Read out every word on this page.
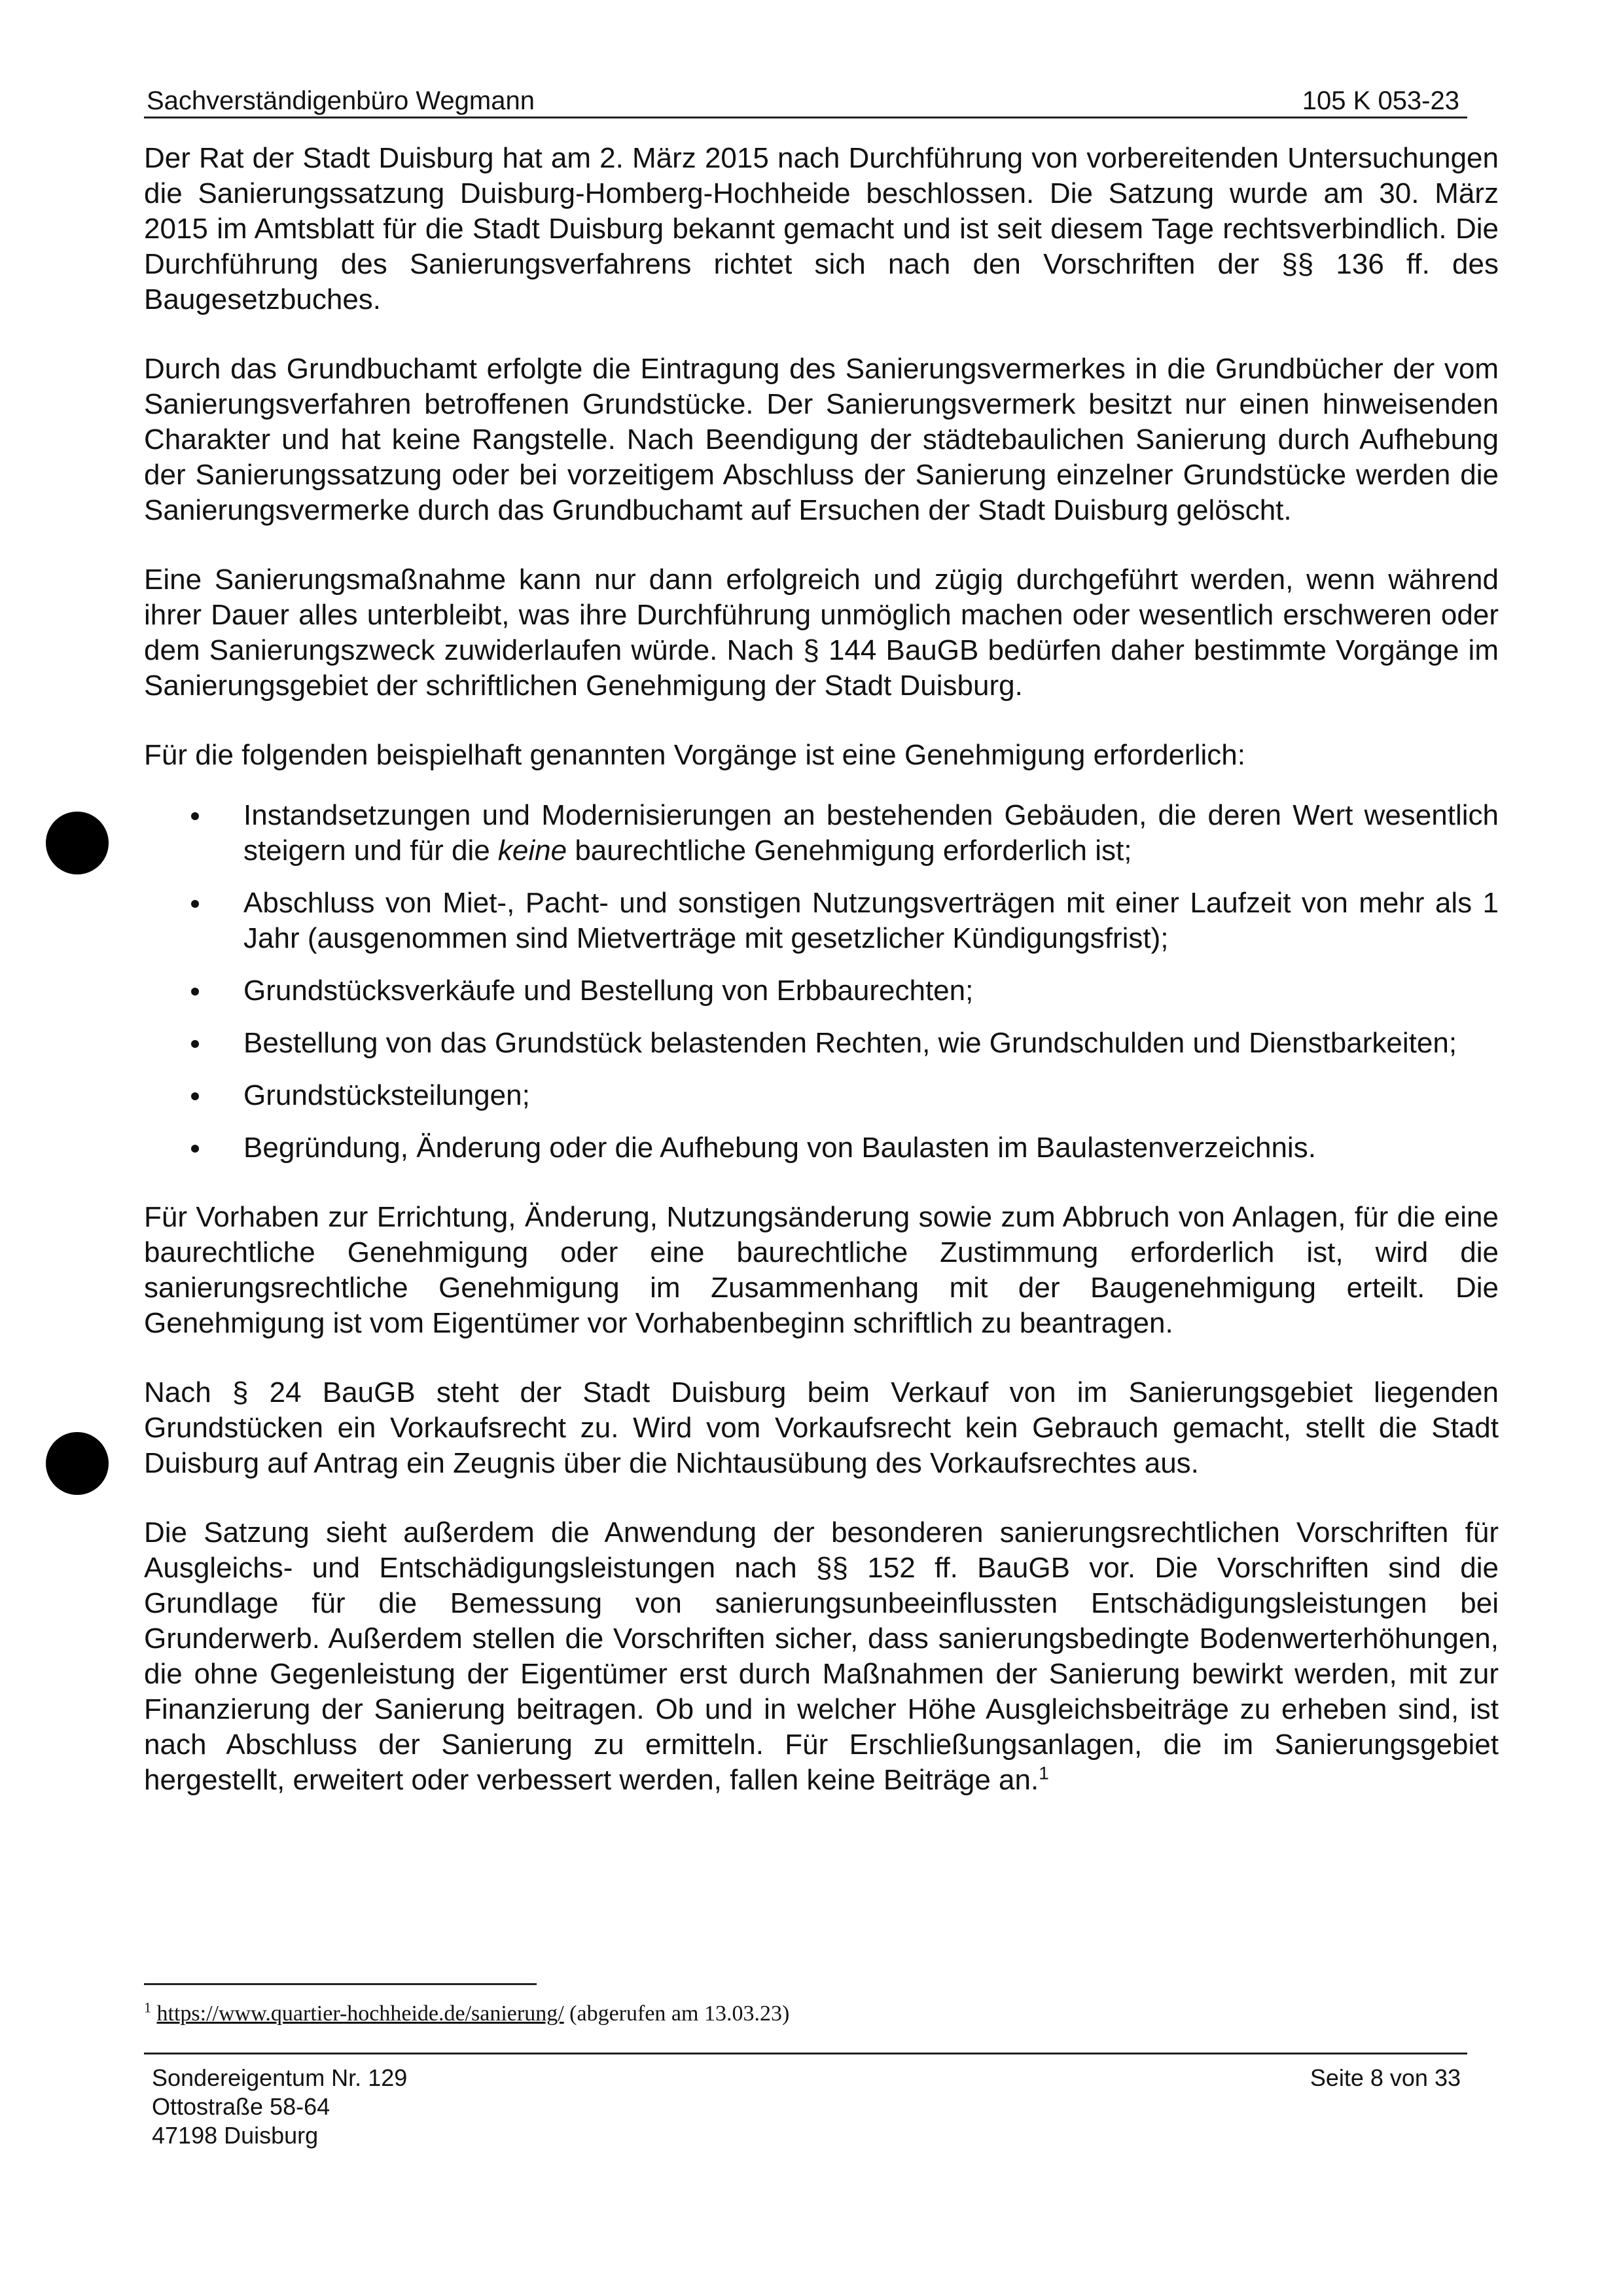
Sachverständigenbüro Wegmann	105 K 053-23

Der Rat der Stadt Duisburg hat am 2. März 2015 nach Durchführung von vorbereitenden Untersuchungen die Sanierungssatzung Duisburg-Homberg-Hochheide beschlossen. Die Satzung wurde am 30. März 2015 im Amtsblatt für die Stadt Duisburg bekannt gemacht und ist seit diesem Tage rechtsverbindlich. Die Durchführung des Sanierungsverfahrens richtet sich nach den Vorschriften der §§ 136 ff. des Baugesetzbuches.

Durch das Grundbuchamt erfolgte die Eintragung des Sanierungsvermerkes in die Grundbücher der vom Sanierungsverfahren betroffenen Grundstücke. Der Sanierungsvermerk besitzt nur einen hinweisenden Charakter und hat keine Rangstelle. Nach Beendigung der städtebaulichen Sanierung durch Aufhebung der Sanierungssatzung oder bei vorzeitigem Abschluss der Sanierung einzelner Grundstücke werden die Sanierungsvermerke durch das Grundbuchamt auf Ersuchen der Stadt Duisburg gelöscht.

Eine Sanierungsmaßnahme kann nur dann erfolgreich und zügig durchgeführt werden, wenn während ihrer Dauer alles unterbleibt, was ihre Durchführung unmöglich machen oder wesentlich erschweren oder dem Sanierungszweck zuwiderlaufen würde. Nach § 144 BauGB bedürfen daher bestimmte Vorgänge im Sanierungsgebiet der schriftlichen Genehmigung der Stadt Duisburg.

Für die folgenden beispielhaft genannten Vorgänge ist eine Genehmigung erforderlich:

Instandsetzungen und Modernisierungen an bestehenden Gebäuden, die deren Wert wesentlich steigern und für die keine baurechtliche Genehmigung erforderlich ist;
Abschluss von Miet-, Pacht- und sonstigen Nutzungsverträgen mit einer Laufzeit von mehr als 1 Jahr (ausgenommen sind Mietverträge mit gesetzlicher Kündigungsfrist);
Grundstücksverkäufe und Bestellung von Erbbaurechten;
Bestellung von das Grundstück belastenden Rechten, wie Grundschulden und Dienstbarkeiten;
Grundstücksteilungen;
Begründung, Änderung oder die Aufhebung von Baulasten im Baulastenverzeichnis.

Für Vorhaben zur Errichtung, Änderung, Nutzungsänderung sowie zum Abbruch von Anlagen, für die eine baurechtliche Genehmigung oder eine baurechtliche Zustimmung erforderlich ist, wird die sanierungsrechtliche Genehmigung im Zusammenhang mit der Baugenehmigung erteilt. Die Genehmigung ist vom Eigentümer vor Vorhabenbeginn schriftlich zu beantragen.

Nach § 24 BauGB steht der Stadt Duisburg beim Verkauf von im Sanierungsgebiet liegenden Grundstücken ein Vorkaufsrecht zu. Wird vom Vorkaufsrecht kein Gebrauch gemacht, stellt die Stadt Duisburg auf Antrag ein Zeugnis über die Nichtausübung des Vorkaufsrechtes aus.

Die Satzung sieht außerdem die Anwendung der besonderen sanierungsrechtlichen Vorschriften für Ausgleichs- und Entschädigungsleistungen nach §§ 152 ff. BauGB vor. Die Vorschriften sind die Grundlage für die Bemessung von sanierungsunbeeinflussten Entschädigungsleistungen bei Grunderwerb. Außerdem stellen die Vorschriften sicher, dass sanierungsbedingte Bodenwerterhöhungen, die ohne Gegenleistung der Eigentümer erst durch Maßnahmen der Sanierung bewirkt werden, mit zur Finanzierung der Sanierung beitragen. Ob und in welcher Höhe Ausgleichsbeiträge zu erheben sind, ist nach Abschluss der Sanierung zu ermitteln. Für Erschließungsanlagen, die im Sanierungsgebiet hergestellt, erweitert oder verbessert werden, fallen keine Beiträge an.$^1$

$^1$ https://www.quartier-hochheide.de/sanierung/ (abgerufen am 13.03.23)
Sondereigentum Nr. 129
Ottostraße 58-64
47198 Duisburg
Seite 8 von 33
